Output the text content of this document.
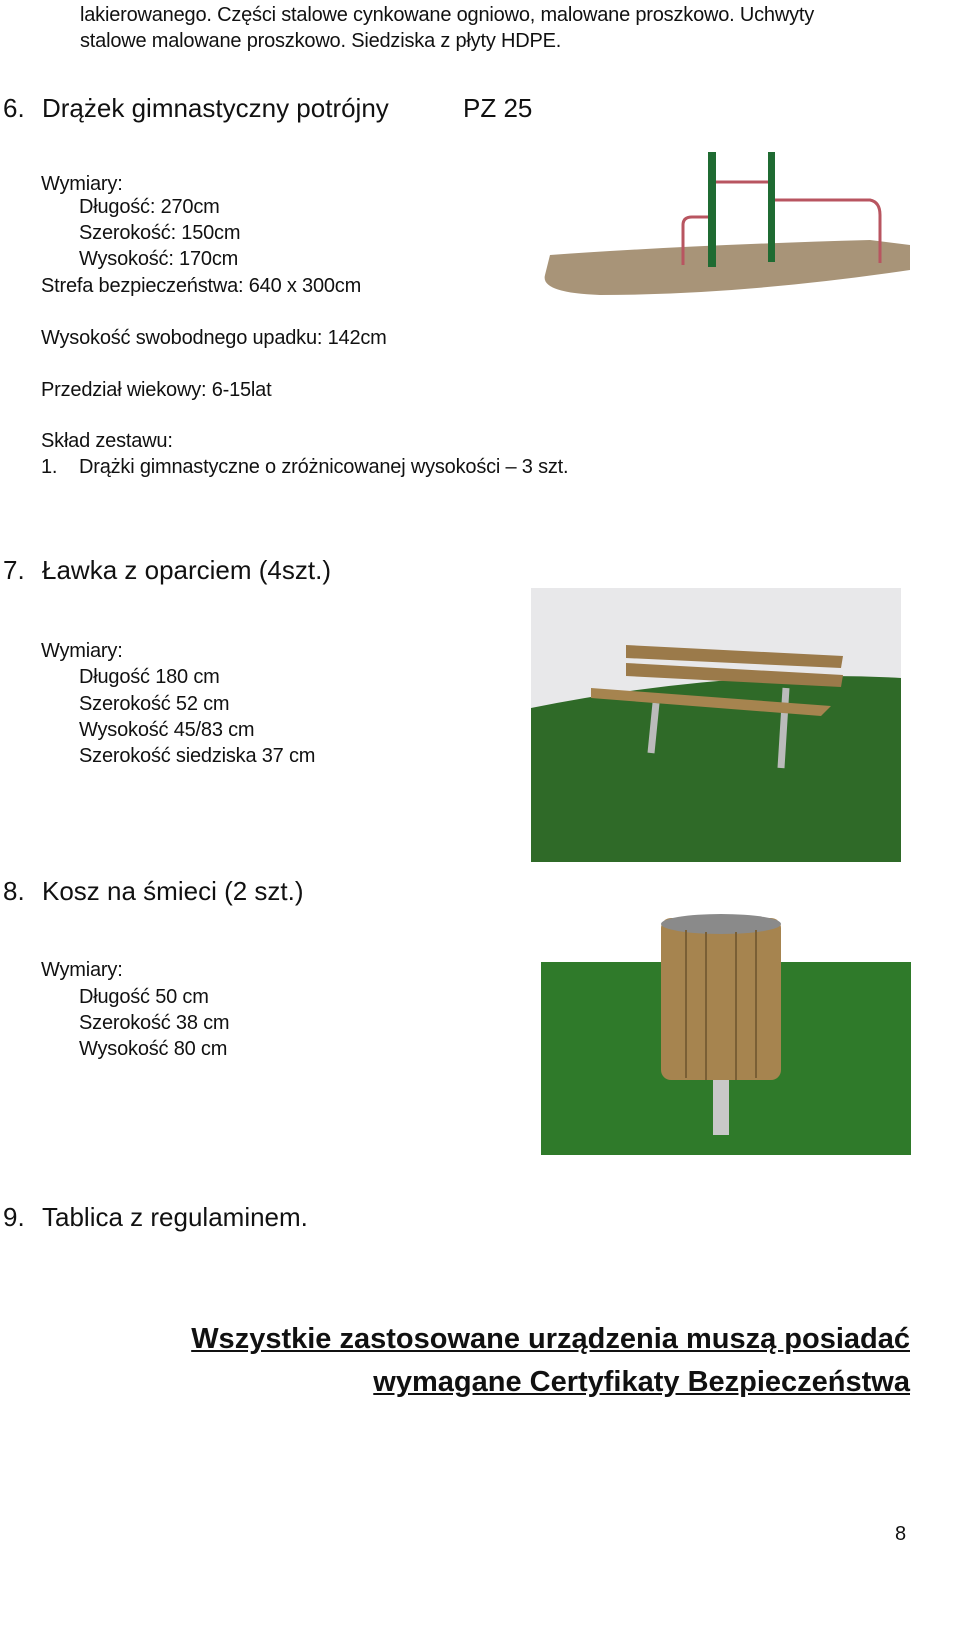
lakierowanego. Części stalowe cynkowane ogniowo, malowane proszkowo. Uchwyty
stalowe malowane proszkowo. Siedziska z płyty HDPE.
6. Drążek gimnastyczny potrójny	PZ 25
Wymiary:
Długość: 270cm
Szerokość: 150cm
Wysokość: 170cm
Strefa bezpieczeństwa: 640 x 300cm
Wysokość swobodnego upadku: 142cm
Przedział wiekowy: 6-15lat
Skład zestawu:
1. Drążki gimnastyczne o zróżnicowanej wysokości – 3 szt.
7. Ławka z oparciem (4szt.)
Wymiary:
Długość 180 cm
Szerokość 52 cm
Wysokość 45/83 cm
Szerokość siedziska 37 cm
8. Kosz na śmieci (2 szt.)
Wymiary:
Długość 50 cm
Szerokość 38 cm
Wysokość 80 cm
9. Tablica z regulaminem.
Wszystkie zastosowane urządzenia muszą posiadać
wymagane Certyfikaty Bezpieczeństwa
8
